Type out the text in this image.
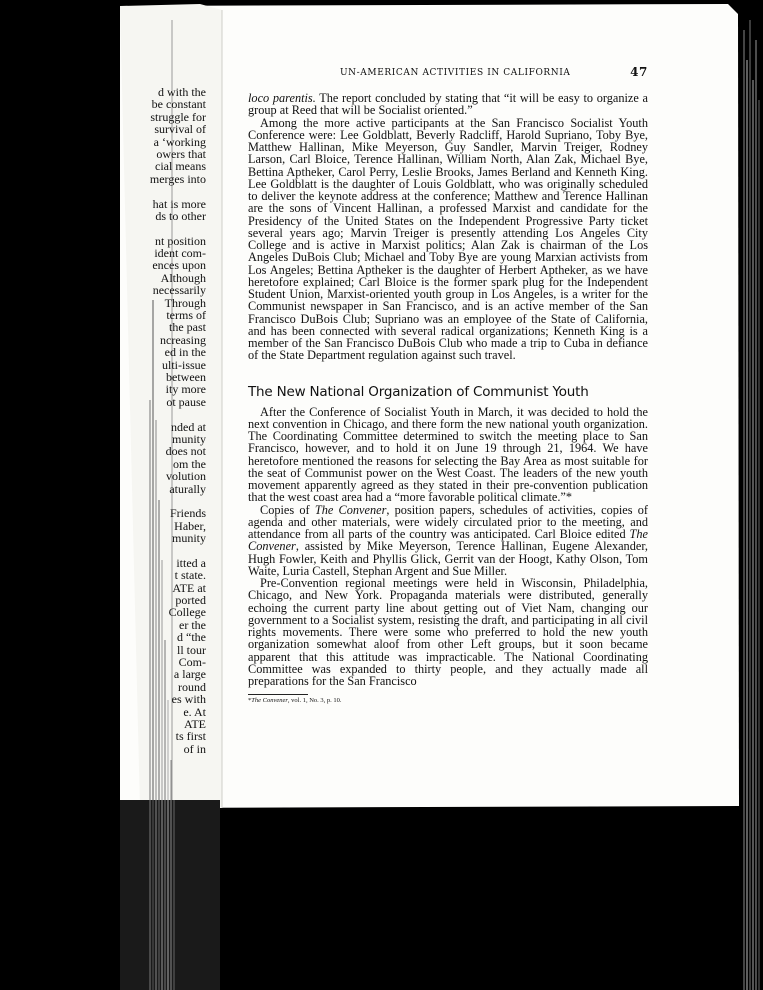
UN-AMERICAN ACTIVITIES IN CALIFORNIA	47
d with the
be constant
struggle for
survival of
a ‘working
owers that
cial means
merges into
hat is more
ds to other
nt position
ident com-
ences upon
Although
necessarily
Through
terms of
the past
ncreasing
ed in the
ulti-issue
between
ity more
ot pause
nded at
munity
does not
om the
volution
aturally
Friends
Haber,
munity
itted a
t state.
ATE at
ported
College
er the
d “the
ll tour
Com-
a large
round
es with
e. At
ATE
ts first
of in

loco parentis. The report concluded by stating that “it will be easy to organize a group at Reed that will be Socialist oriented.”

Among the more active participants at the San Francisco Socialist Youth Conference were: Lee Goldblatt, Beverly Radcliff, Harold Supriano, Toby Bye, Matthew Hallinan, Mike Meyerson, Guy Sandler, Marvin Treiger, Rodney Larson, Carl Bloice, Terence Hallinan, William North, Alan Zak, Michael Bye, Bettina Aptheker, Carol Perry, Leslie Brooks, James Berland and Kenneth King. Lee Goldblatt is the daughter of Louis Goldblatt, who was originally scheduled to deliver the keynote address at the conference; Matthew and Terence Hallinan are the sons of Vincent Hallinan, a professed Marxist and candidate for the Presidency of the United States on the Independent Progressive Party ticket several years ago; Marvin Treiger is presently attending Los Angeles City College and is active in Marxist politics; Alan Zak is chairman of the Los Angeles DuBois Club; Michael and Toby Bye are young Marxian activists from Los Angeles; Bettina Aptheker is the daughter of Herbert Aptheker, as we have heretofore explained; Carl Bloice is the former spark plug for the Independent Student Union, Marxist-oriented youth group in Los Angeles, is a writer for the Communist newspaper in San Francisco, and is an active member of the San Francisco DuBois Club; Supriano was an employee of the State of California, and has been connected with several radical organizations; Kenneth King is a member of the San Francisco DuBois Club who made a trip to Cuba in defiance of the State Department regulation against such travel.

The New National Organization of Communist Youth

After the Conference of Socialist Youth in March, it was decided to hold the next convention in Chicago, and there form the new national youth organization. The Coordinating Committee determined to switch the meeting place to San Francisco, however, and to hold it on June 19 through 21, 1964. We have heretofore mentioned the reasons for selecting the Bay Area as most suitable for the seat of Communist power on the West Coast. The leaders of the new youth movement apparently agreed as they stated in their pre-convention publication that the west coast area had a “more favorable political climate.”*

Copies of The Convener, position papers, schedules of activities, copies of agenda and other materials, were widely circulated prior to the meeting, and attendance from all parts of the country was anticipated. Carl Bloice edited The Convener, assisted by Mike Meyerson, Terence Hallinan, Eugene Alexander, Hugh Fowler, Keith and Phyllis Glick, Gerrit van der Hoogt, Kathy Olson, Tom Waite, Luria Castell, Stephan Argent and Sue Miller.

Pre-Convention regional meetings were held in Wisconsin, Philadelphia, Chicago, and New York. Propaganda materials were distributed, generally echoing the current party line about getting out of Viet Nam, changing our government to a Socialist system, resisting the draft, and participating in all civil rights movements. There were some who preferred to hold the new youth organization somewhat aloof from other Left groups, but it soon became apparent that this attitude was impracticable. The National Coordinating Committee was expanded to thirty people, and they actually made all preparations for the San Francisco

*The Convener, vol. 1, No. 3, p. 10.
